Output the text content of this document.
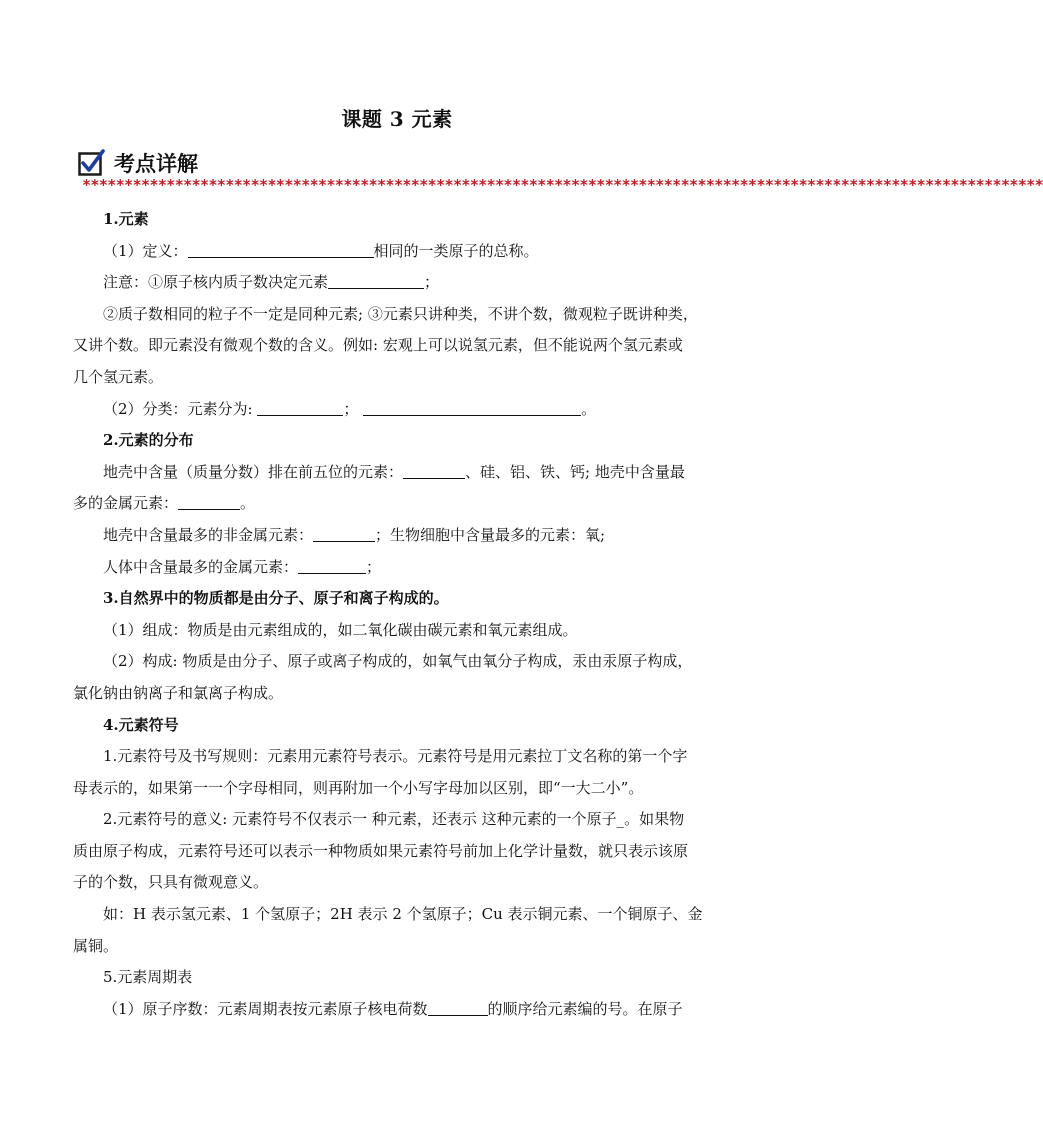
课题 3 元素
考点详解
******************************************************************************************************************
1.元素
（1）定义：	相同的一类原子的总称。
注意：①原子核内质子数决定元素	；
②质子数相同的粒子不一定是同种元素; ③元素只讲种类，不讲个数，微观粒子既讲种类，
又讲个数。即元素没有微观个数的含义。例如: 宏观上可以说氢元素，但不能说两个氢元素或
几个氢元素。
（2）分类：元素分为:	；	。
2.元素的分布
地壳中含量（质量分数）排在前五位的元素：	、硅、铝、铁、钙; 地壳中含量最
多的金属元素：	。
地壳中含量最多的非金属元素：	；生物细胞中含量最多的元素：氧;
人体中含量最多的金属元素：	；
3.自然界中的物质都是由分子、原子和离子构成的。
（1）组成：物质是由元素组成的，如二氧化碳由碳元素和氧元素组成。
（2）构成: 物质是由分子、原子或离子构成的，如氧气由氧分子构成，汞由汞原子构成，
氯化钠由钠离子和氯离子构成。
4.元素符号
1.元素符号及书写规则：元素用元素符号表示。元素符号是用元素拉丁文名称的第一个字
母表示的，如果第一一个字母相同，则再附加一个小写字母加以区别，即“一大二小”。
2.元素符号的意义: 元素符号不仅表示一 种元素，还表示 这种元素的一个原子_。如果物
质由原子构成，元素符号还可以表示一种物质如果元素符号前加上化学计量数，就只表示该原
子的个数，只具有微观意义。
如：H 表示氢元素、1 个氢原子；2H 表示 2 个氢原子；Cu 表示铜元素、一个铜原子、金
属铜。
5.元素周期表
（1）原子序数：元素周期表按元素原子核电荷数	的顺序给元素编的号。在原子
